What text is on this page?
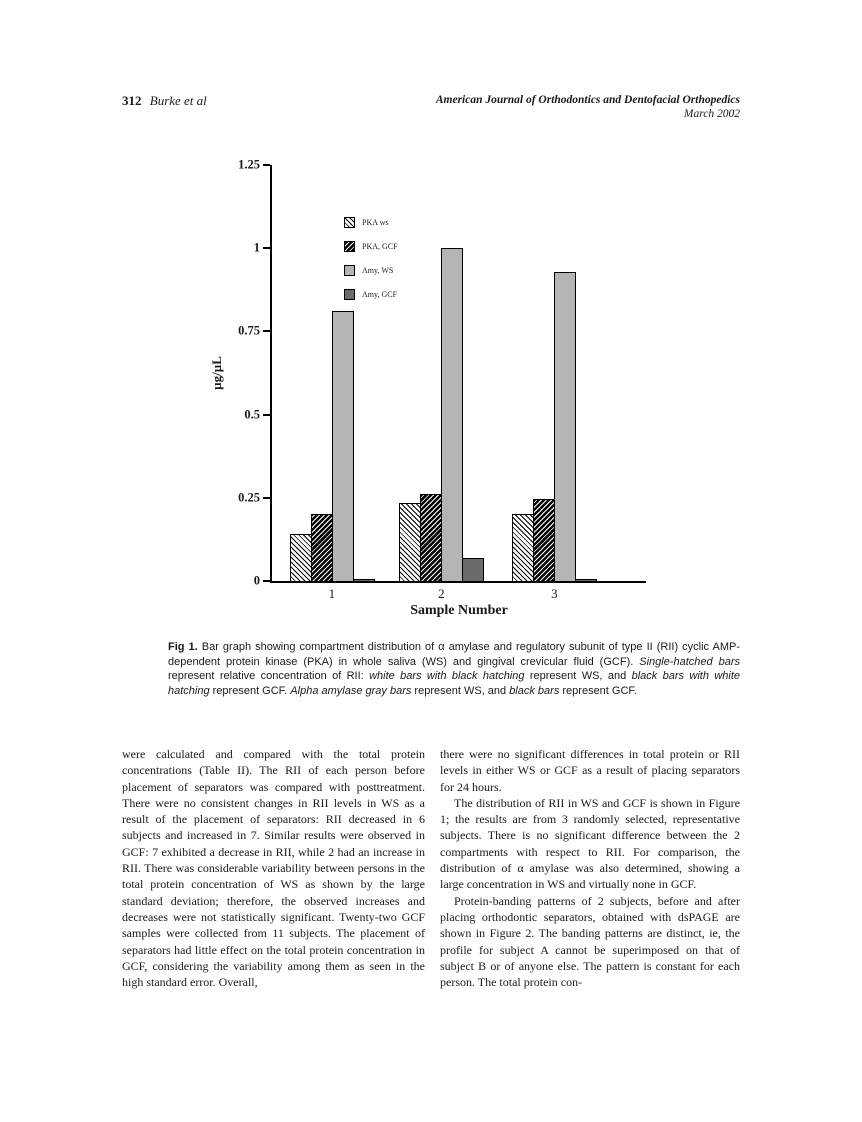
312 Burke et al	American Journal of Orthodontics and Dentofacial Orthopedics
March 2002
µg/µL
Sample Number
PKA ws
PKA, GCF
Amy, WS
Amy, GCF
0
0.25
0.5
0.75
1
1.25
1	2	3
Fig 1. Bar graph showing compartment distribution of α amylase and regulatory subunit of type II (RII) cyclic AMP-dependent protein kinase (PKA) in whole saliva (WS) and gingival crevicular fluid (GCF). Single-hatched bars represent relative concentration of RII: white bars with black hatching represent WS, and black bars with white hatching represent GCF. Alpha amylase gray bars represent WS, and black bars represent GCF.

were calculated and compared with the total protein concentrations (Table II). The RII of each person before placement of separators was compared with posttreatment. There were no consistent changes in RII levels in WS as a result of the placement of separators: RII decreased in 6 subjects and increased in 7. Similar results were observed in GCF: 7 exhibited a decrease in RII, while 2 had an increase in RII. There was considerable variability between persons in the total protein concentration of WS as shown by the large standard deviation; therefore, the observed increases and decreases were not statistically significant. Twenty-two GCF samples were collected from 11 subjects. The placement of separators had little effect on the total protein concentration in GCF, considering the variability among them as seen in the high standard error. Overall,

there were no significant differences in total protein or RII levels in either WS or GCF as a result of placing separators for 24 hours.

The distribution of RII in WS and GCF is shown in Figure 1; the results are from 3 randomly selected, representative subjects. There is no significant difference between the 2 compartments with respect to RII. For comparison, the distribution of α amylase was also determined, showing a large concentration in WS and virtually none in GCF.

Protein-banding patterns of 2 subjects, before and after placing orthodontic separators, obtained with dsPAGE are shown in Figure 2. The banding patterns are distinct, ie, the profile for subject A cannot be superimposed on that of subject B or of anyone else. The pattern is constant for each person. The total protein con-
